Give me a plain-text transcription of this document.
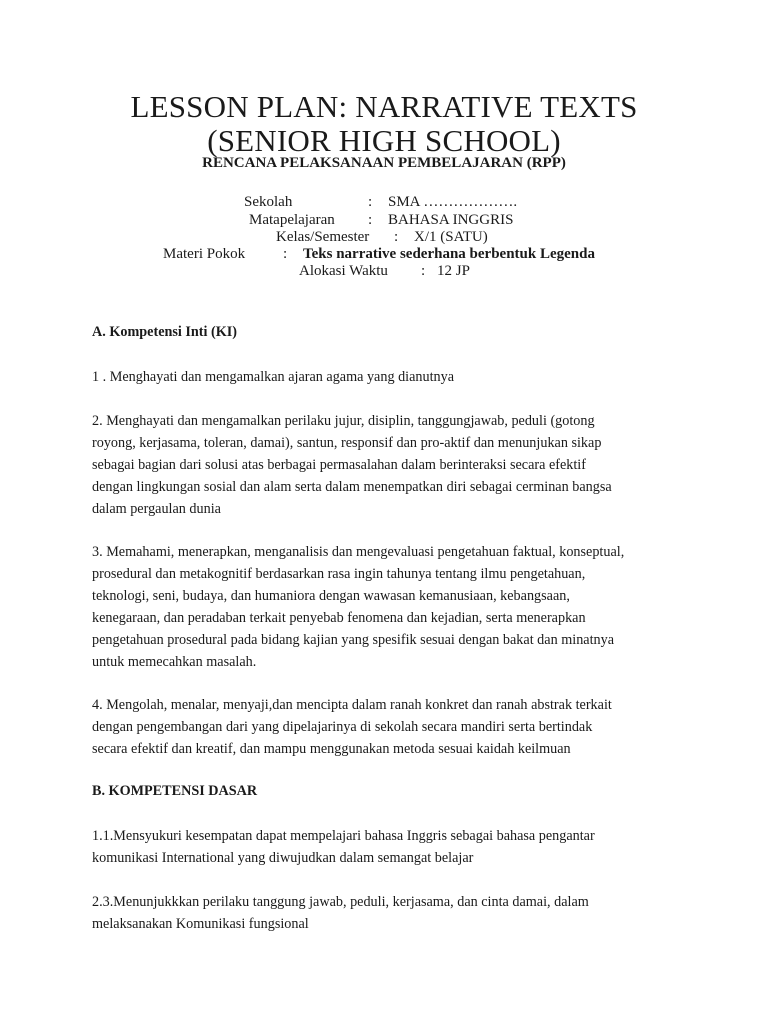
LESSON PLAN: NARRATIVE TEXTS
(SENIOR HIGH SCHOOL)
RENCANA PELAKSANAAN PEMBELAJARAN (RPP)
Sekolah	: SMA ……………….
Matapelajaran : BAHASA INGGRIS
Kelas/Semester : X/1 (SATU)
Materi Pokok	: Teks narrative sederhana berbentuk Legenda
Alokasi Waktu : 12 JP
A. Kompetensi Inti (KI)
1 . Menghayati dan mengamalkan ajaran agama yang dianutnya

2. Menghayati dan mengamalkan perilaku jujur, disiplin, tanggungjawab, peduli (gotong

royong, kerjasama, toleran, damai), santun, responsif dan pro-aktif dan menunjukan sikap

sebagai bagian dari solusi atas berbagai permasalahan dalam berinteraksi secara efektif

dengan lingkungan sosial dan alam serta dalam menempatkan diri sebagai cerminan bangsa

dalam pergaulan dunia

3. Memahami, menerapkan, menganalisis dan mengevaluasi pengetahuan faktual, konseptual,

prosedural dan metakognitif berdasarkan rasa ingin tahunya tentang ilmu pengetahuan,

teknologi, seni, budaya, dan humaniora dengan wawasan kemanusiaan, kebangsaan,

kenegaraan, dan peradaban terkait penyebab fenomena dan kejadian, serta menerapkan

pengetahuan prosedural pada bidang kajian yang spesifik sesuai dengan bakat dan minatnya

untuk memecahkan masalah.

4. Mengolah, menalar, menyaji,dan mencipta dalam ranah konkret dan ranah abstrak terkait

dengan pengembangan dari yang dipelajarinya di sekolah secara mandiri serta bertindak

secara efektif dan kreatif, dan mampu menggunakan metoda sesuai kaidah keilmuan

B. KOMPETENSI DASAR

1.1.Mensyukuri kesempatan dapat mempelajari bahasa Inggris sebagai bahasa pengantar

komunikasi International yang diwujudkan dalam semangat belajar

2.3.Menunjukkkan perilaku tanggung jawab, peduli, kerjasama, dan cinta damai, dalam

melaksanakan Komunikasi fungsional
